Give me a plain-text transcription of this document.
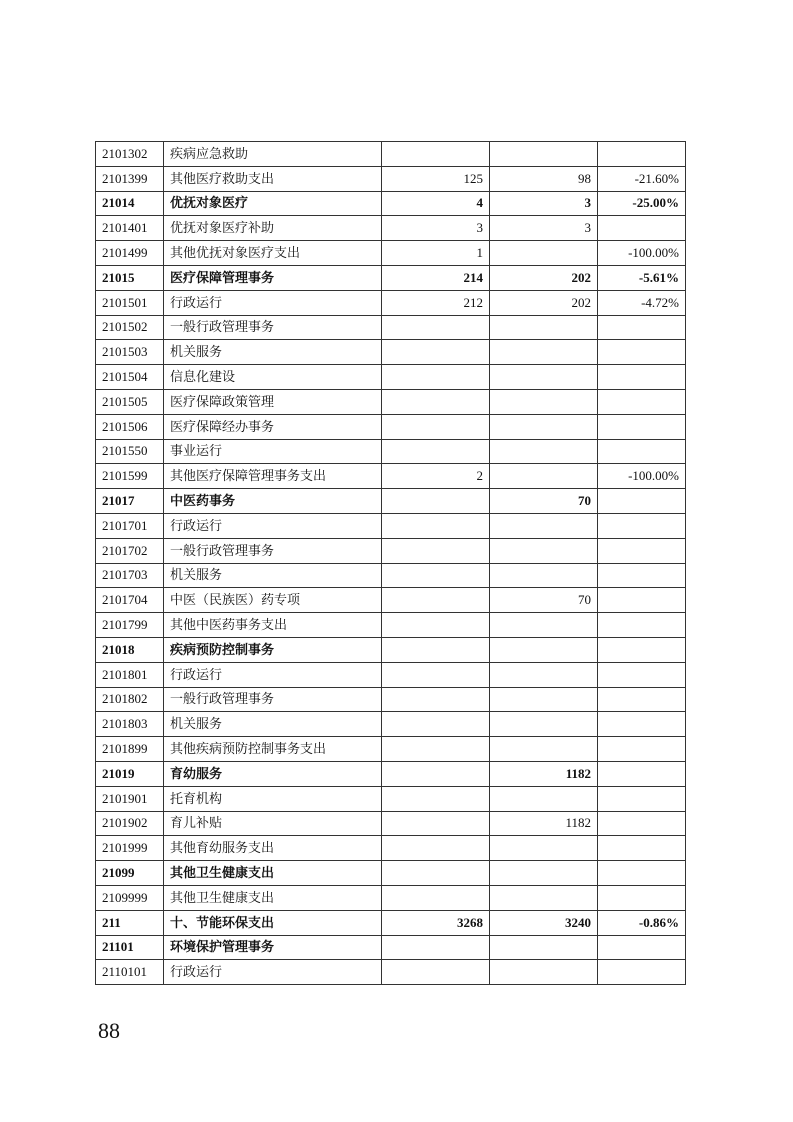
2101302	疾病应急救助			
2101399	其他医疗救助支出	125	98	-21.60%
21014	优抚对象医疗	4	3	-25.00%
2101401	优抚对象医疗补助	3	3	
2101499	其他优抚对象医疗支出	1		-100.00%
21015	医疗保障管理事务	214	202	-5.61%
2101501	行政运行	212	202	-4.72%
2101502	一般行政管理事务			
2101503	机关服务			
2101504	信息化建设			
2101505	医疗保障政策管理			
2101506	医疗保障经办事务			
2101550	事业运行			
2101599	其他医疗保障管理事务支出	2		-100.00%
21017	中医药事务		70	
2101701	行政运行			
2101702	一般行政管理事务			
2101703	机关服务			
2101704	中医（民族医）药专项		70	
2101799	其他中医药事务支出			
21018	疾病预防控制事务			
2101801	行政运行			
2101802	一般行政管理事务			
2101803	机关服务			
2101899	其他疾病预防控制事务支出			
21019	育幼服务		1182	
2101901	托育机构			
2101902	育儿补贴		1182	
2101999	其他育幼服务支出			
21099	其他卫生健康支出			
2109999	其他卫生健康支出			
211	十、节能环保支出	3268	3240	-0.86%
21101	环境保护管理事务			
2110101	行政运行			
88
